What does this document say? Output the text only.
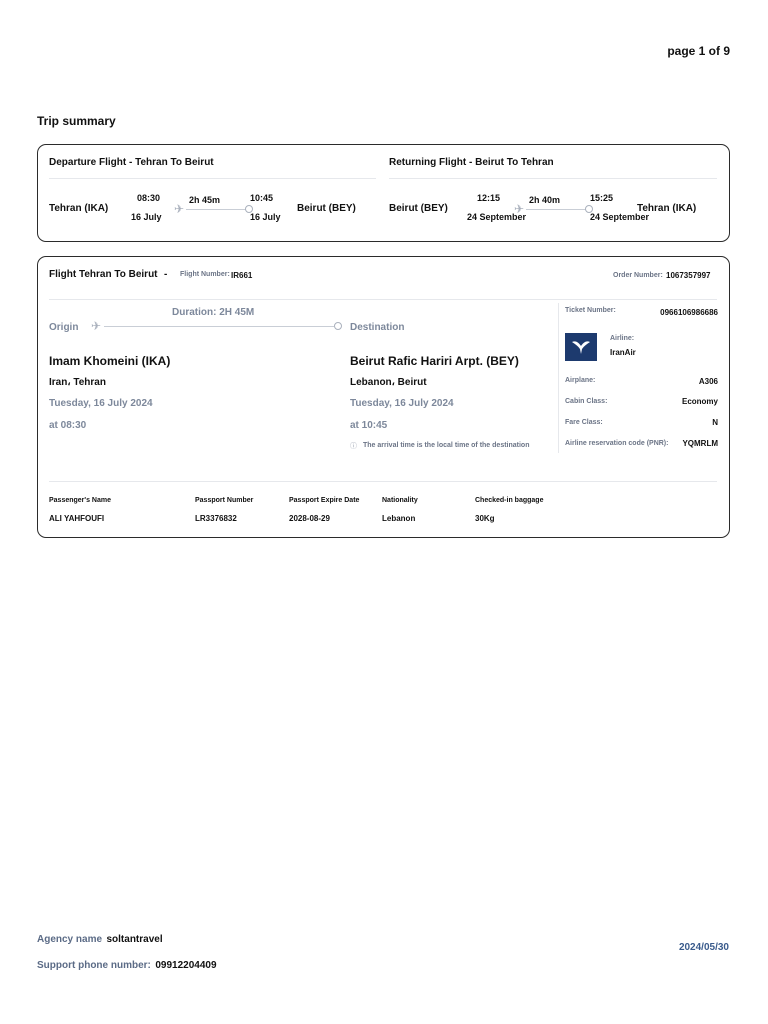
page 1 of 9
Trip summary
Departure Flight - Tehran To Beirut
Tehran (IKA)
08:30
16 July
2h 45m
✈
10:45
16 July
Beirut (BEY)
Returning Flight - Beirut To Tehran
Beirut (BEY)
12:15
24 September
2h 40m
✈
15:25
24 September
Tehran (IKA)
Flight Tehran To Beirut - Flight Number: IR661	Order Number: 1067357997
Duration: 2H 45M
Origin ✈	Destination
Imam Khomeini (IKA)
Iran، Tehran
Tuesday, 16 July 2024
at 08:30
Beirut Rafic Hariri Arpt. (BEY)
Lebanon، Beirut
Tuesday, 16 July 2024
at 10:45
ⓘ The arrival time is the local time of the destination
Ticket Number:	0966106986686
Airline:
IranAir
Airplane:	A306
Cabin Class:	Economy
Fare Class:	N
Airline reservation code (PNR):	YQMRLM
Passenger's Name	Passport Number	Passport Expire Date	Nationality	Checked-in baggage
ALI YAHFOUFI	LR3376832	2028-08-29	Lebanon	30Kg
Agency name soltantravel
Support phone number: 09912204409
2024/05/30
